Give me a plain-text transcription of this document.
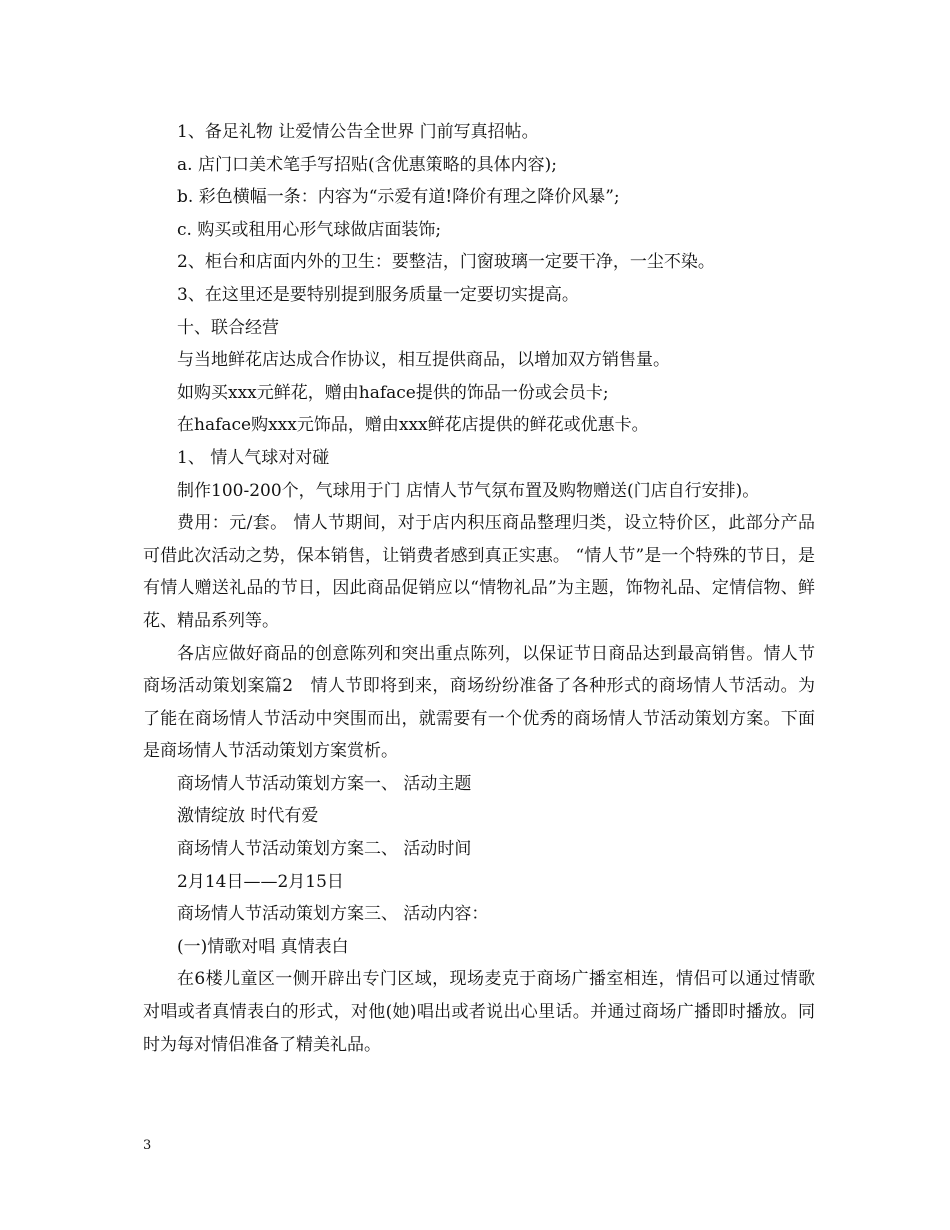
1、备足礼物 让爱情公告全世界 门前写真招帖。

a. 店门口美术笔手写招贴(含优惠策略的具体内容);

b. 彩色横幅一条：内容为“示爱有道!降价有理之降价风暴”;

c. 购买或租用心形气球做店面装饰;

2、柜台和店面内外的卫生：要整洁，门窗玻璃一定要干净，一尘不染。

3、在这里还是要特别提到服务质量一定要切实提高。

十、联合经营

与当地鲜花店达成合作协议，相互提供商品，以增加双方销售量。

如购买xxx元鲜花，赠由haface提供的饰品一份或会员卡;

在haface购xxx元饰品，赠由xxx鲜花店提供的鲜花或优惠卡。

1、 情人气球对对碰

制作100-200个，气球用于门 店情人节气氛布置及购物赠送(门店自行安排)。

费用：元/套。 情人节期间，对于店内积压商品整理归类，设立特价区，此部分产品可借此次活动之势，保本销售，让销费者感到真正实惠。 “情人节”是一个特殊的节日，是有情人赠送礼品的节日，因此商品促销应以“情物礼品”为主题，饰物礼品、定情信物、鲜花、精品系列等。

各店应做好商品的创意陈列和突出重点陈列，以保证节日商品达到最高销售。情人节商场活动策划案篇2   情人节即将到来，商场纷纷准备了各种形式的商场情人节活动。为了能在商场情人节活动中突围而出，就需要有一个优秀的商场情人节活动策划方案。下面是商场情人节活动策划方案赏析。

商场情人节活动策划方案一、 活动主题

激情绽放 时代有爱

商场情人节活动策划方案二、 活动时间

2月14日——2月15日

商场情人节活动策划方案三、 活动内容：

(一)情歌对唱 真情表白

在6楼儿童区一侧开辟出专门区域，现场麦克于商场广播室相连，情侣可以通过情歌对唱或者真情表白的形式，对他(她)唱出或者说出心里话。并通过商场广播即时播放。同时为每对情侣准备了精美礼品。

3
